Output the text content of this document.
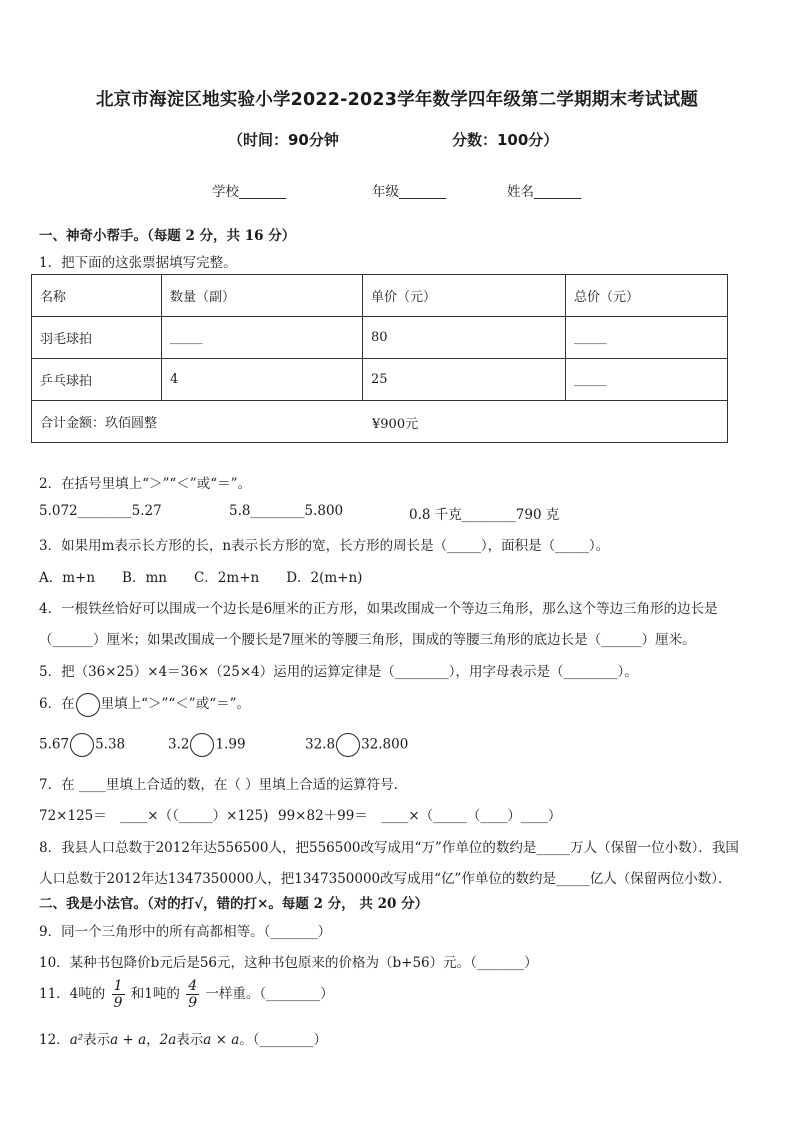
北京市海淀区地实验小学2022-2023学年数学四年级第二学期期末考试试题
（时间：90分钟	分数：100分）
学校_______	年级_______	姓名_______
一、神奇小帮手。（每题 2 分，共 16 分）
1．把下面的这张票据填写完整。
名称	数量（副）	单价（元）	总价（元）
羽毛球拍	_____	80	_____
乒乓球拍	4	25	_____
合计金额：玖佰圆整 ¥900元			
2．在括号里填上“＞”“＜”或“＝”。
5.072________5.27	5.8________5.800	0.8 千克________790 克
3．如果用m表示长方形的长，n表示长方形的宽，长方形的周长是（_____），面积是（_____）。
A．m+n　　B．mn　　C．2m+n　　D．2(m+n)
4．一根铁丝恰好可以围成一个边长是6厘米的正方形，如果改围成一个等边三角形，那么这个等边三角形的边长是
（______）厘米；如果改围成一个腰长是7厘米的等腰三角形，围成的等腰三角形的底边长是（______）厘米。
5．把（36×25）×4＝36×（25×4）运用的运算定律是（________），用字母表示是（________）。
6．在 里填上“＞”“＜”或“＝”。
5.67 5.38	3.2 1.99	32.8 32.800
7．在 ____里填上合适的数，在（ ）里填上合适的运算符号．
72×125＝　____×（（_____）×125) 99×82＋99＝　____×（_____（____）____）
8．我县人口总数于2012年达556500人，把556500改写成用“万”作单位的数约是_____万人（保留一位小数）．我国
人口总数于2012年达1347350000人，把1347350000改写成用“亿”作单位的数约是_____亿人（保留两位小数）．
二、我是小法官。（对的打√，错的打×。每题 2 分， 共 20 分）
9．同一个三角形中的所有高都相等。（_______）
10．某种书包降价b元后是56元，这种书包原来的价格为（b+56）元。（_______）
11．4吨的 $\frac{1}{9}$ 和1吨的 $\frac{4}{9}$ 一样重。（________）
12．a²表示a + a，2a表示a × a。（________）
